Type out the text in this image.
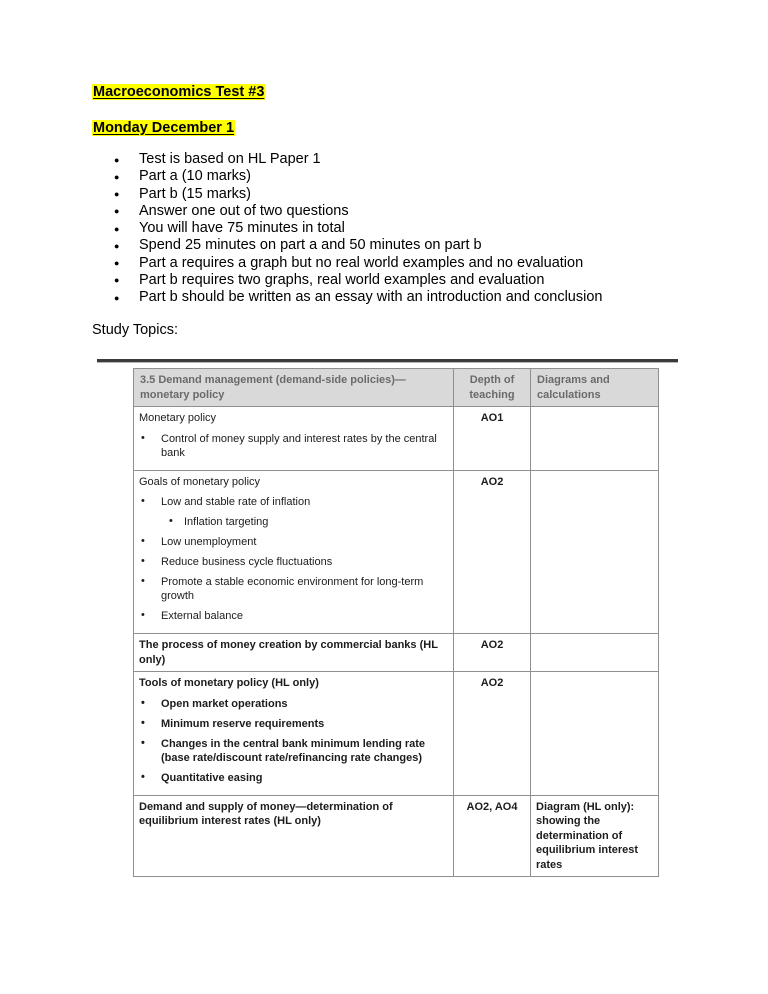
Macroeconomics Test #3
Monday December 1
● Test is based on HL Paper 1
● Part a (10 marks)
● Part b (15 marks)
● Answer one out of two questions
● You will have 75 minutes in total
● Spend 25 minutes on part a and 50 minutes on part b
● Part a requires a graph but no real world examples and no evaluation
● Part b requires two graphs, real world examples and evaluation
● Part b should be written as an essay with an introduction and conclusion

Study Topics:

3.5 Demand management (demand-side policies)—monetary policy	Depth of teaching	Diagrams and calculations

Monetary policy
• Control of money supply and interest rates by the central bank
	AO1	

Goals of monetary policy
• Low and stable rate of inflation
• Inflation targeting
• Low unemployment
• Reduce business cycle fluctuations
• Promote a stable economic environment for long-term growth
• External balance
	AO2	

The process of money creation by commercial banks (HL only)	AO2	

Tools of monetary policy (HL only)
• Open market operations
• Minimum reserve requirements
• Changes in the central bank minimum lending rate (base rate/discount rate/refinancing rate changes)
• Quantitative easing
	AO2	

Demand and supply of money—determination of equilibrium interest rates (HL only)	AO2, AO4	Diagram (HL only): showing the determination of equilibrium interest rates
